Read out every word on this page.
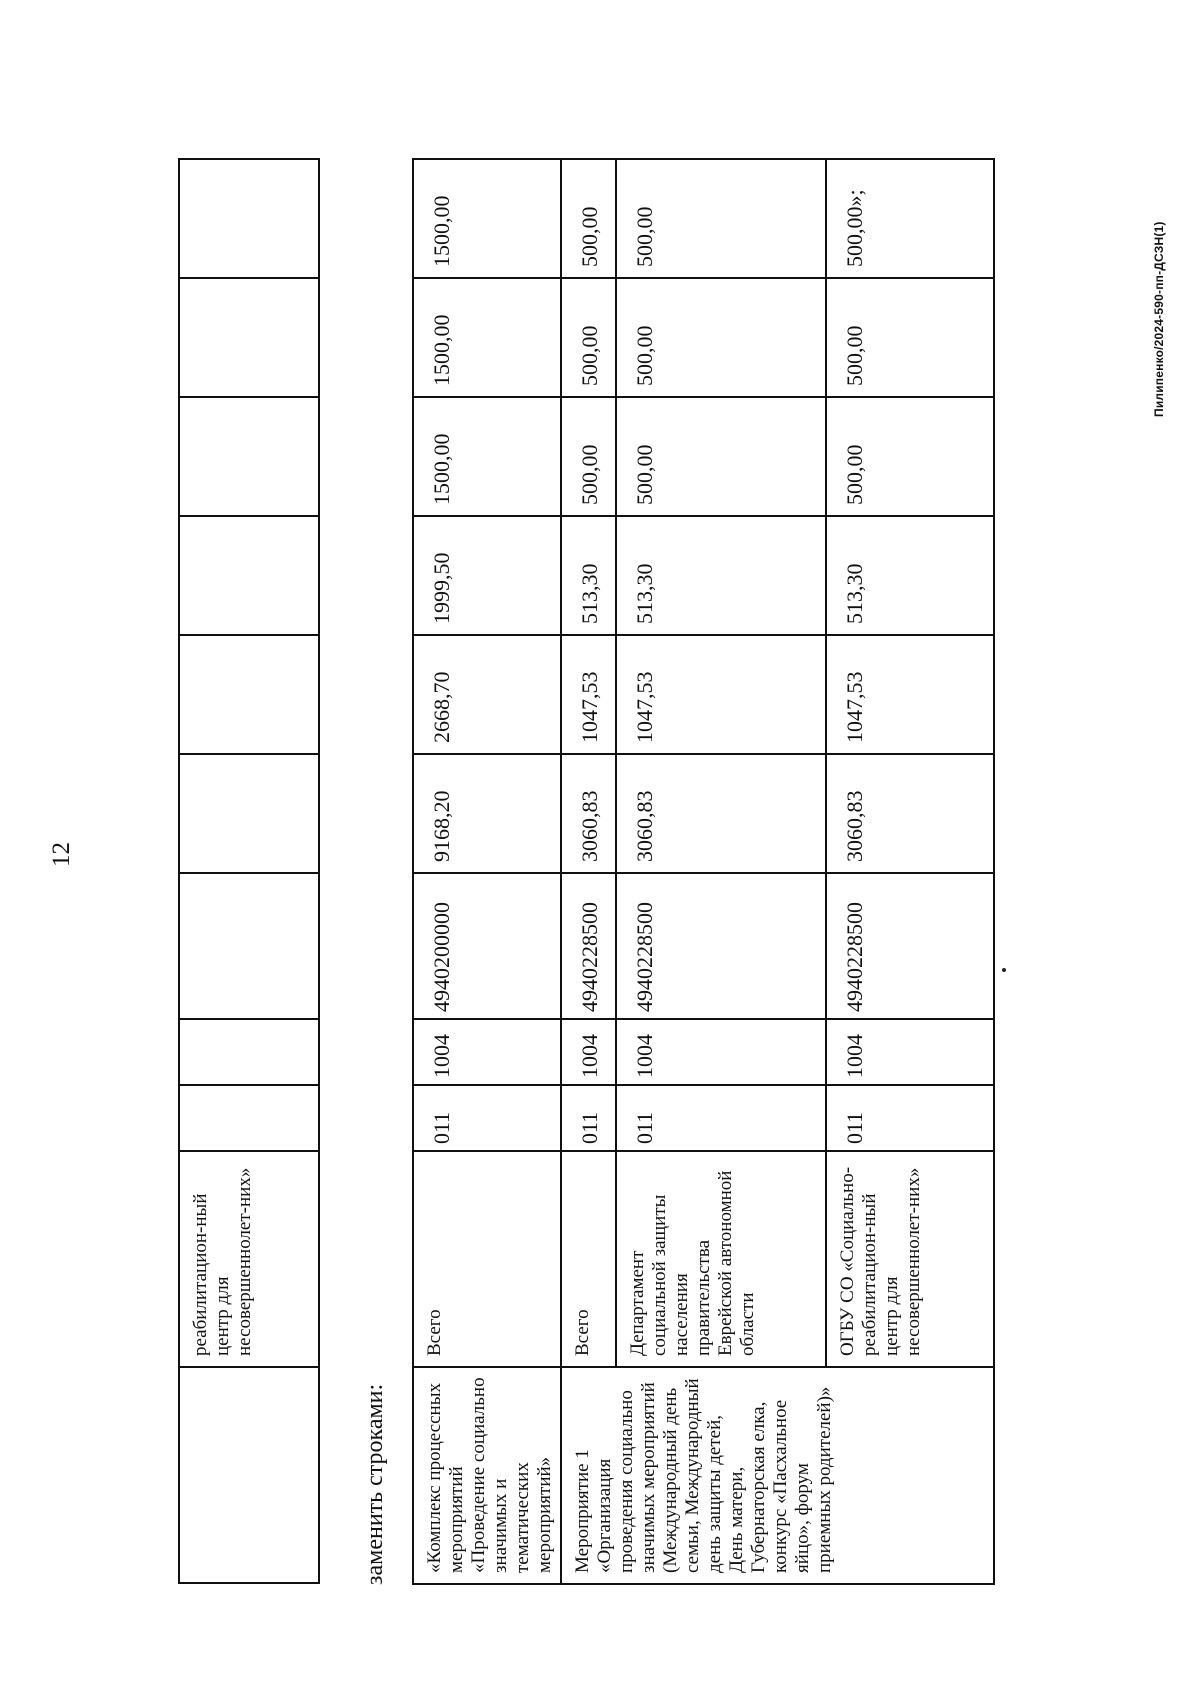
12
	реабилитацион-ный центр для несовершеннолет-них»									
заменить строками: «Комплекс процессных мероприятий «Проведение социально значимых и тематических мероприятий»	Всего	011	1004	4940200000	9168,20	2668,70	1999,50	1500,00	1500,00	1500,00
Мероприятие 1 «Организация проведения социально значимых мероприятий (Международный день семьи, Международный день защиты детей, День матери, Губернаторская елка, конкурс «Пасхальное яйцо», форум приемных родителей)»	Всего	011	1004	4940228500	3060,83	1047,53	513,30	500,00	500,00	500,00
	Департамент социальной защиты населения правительства Еврейской автономной области	011	1004	4940228500	3060,83	1047,53	513,30	500,00	500,00	500,00
	ОГБУ СО «Социально-реабилитацион-ный центр для несовершеннолет-них»	011	1004	4940228500	3060,83	1047,53	513,30	500,00	500,00	500,00»;	Пилипенко/2024-590-пп-ДСЗН(1)
